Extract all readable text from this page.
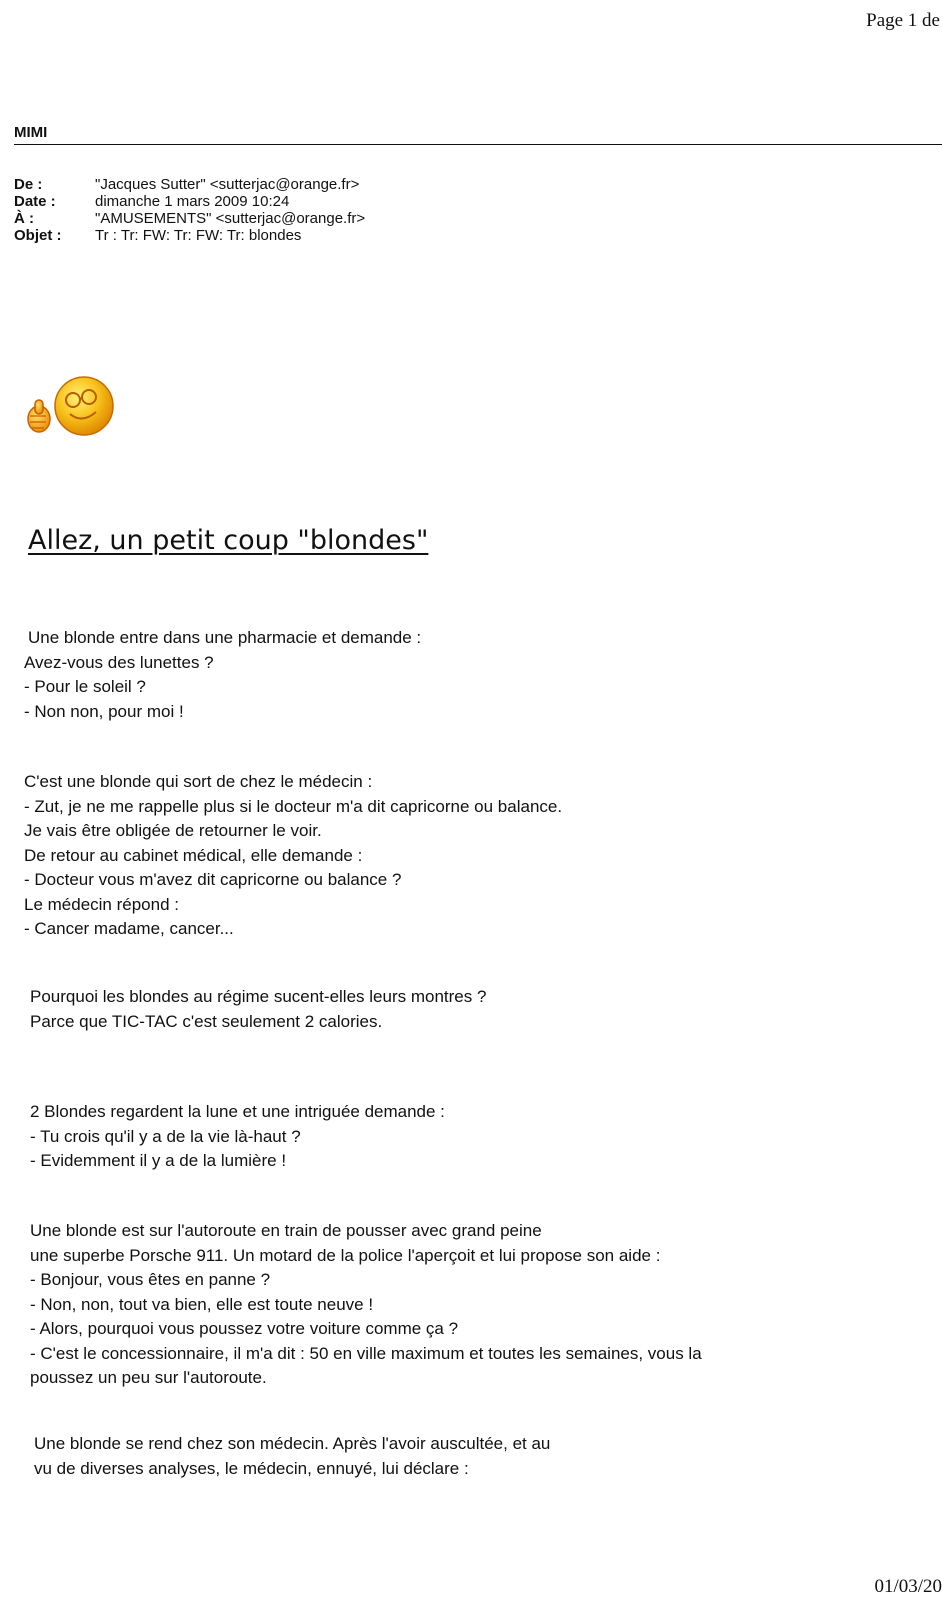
Page 1 de
MIMI
De :	"Jacques Sutter" <sutterjac@orange.fr>
Date :	dimanche 1 mars 2009 10:24
À :	"AMUSEMENTS" <sutterjac@orange.fr>
Objet :	Tr : Tr: FW: Tr: FW: Tr: blondes
Allez, un petit coup "blondes"
Une blonde entre dans une pharmacie et demande :
Avez-vous des lunettes ?
- Pour le soleil ?
- Non non, pour moi !
C'est une blonde qui sort de chez le médecin :
- Zut, je ne me rappelle plus si le docteur m'a dit capricorne ou balance.
Je vais être obligée de retourner le voir.
De retour au cabinet médical, elle demande :
- Docteur vous m'avez dit capricorne ou balance ?
Le médecin répond :
- Cancer madame, cancer...
Pourquoi les blondes au régime sucent-elles leurs montres ?
Parce que TIC-TAC c'est seulement 2 calories.
2 Blondes regardent la lune et une intriguée demande :
- Tu crois qu'il y a de la vie là-haut ?
- Evidemment il y a de la lumière !
Une blonde est sur l'autoroute en train de pousser avec grand peine
une superbe Porsche 911. Un motard de la police l'aperçoit et lui propose son aide :
- Bonjour, vous êtes en panne ?
- Non, non, tout va bien, elle est toute neuve !
- Alors, pourquoi vous poussez votre voiture comme ça ?
- C'est le concessionnaire, il m'a dit : 50 en ville maximum et toutes les semaines, vous la
poussez un peu sur l'autoroute.
Une blonde se rend chez son médecin. Après l'avoir auscultée, et au
vu de diverses analyses, le médecin, ennuyé, lui déclare :
01/03/20
